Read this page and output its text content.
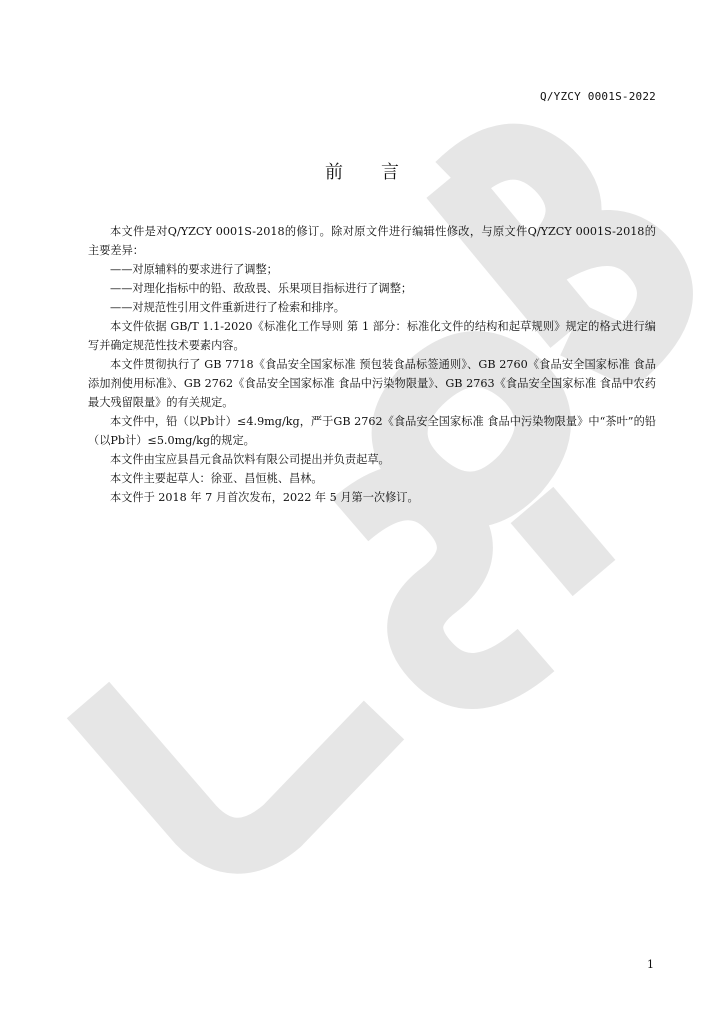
Q/YZCY 0001S-2022
前言

本文件是对Q/YZCY 0001S-2018的修订。除对原文件进行编辑性修改，与原文件Q/YZCY 0001S-2018的主要差异：

——对原辅料的要求进行了调整；

——对理化指标中的铅、敌敌畏、乐果项目指标进行了调整；

——对规范性引用文件重新进行了检索和排序。

本文件依据 GB/T 1.1-2020《标准化工作导则 第 1 部分：标准化文件的结构和起草规则》规定的格式进行编写并确定规范性技术要素内容。

本文件贯彻执行了 GB 7718《食品安全国家标准 预包装食品标签通则》、GB 2760《食品安全国家标准 食品添加剂使用标准》、GB 2762《食品安全国家标准 食品中污染物限量》、GB 2763《食品安全国家标准 食品中农药最大残留限量》的有关规定。

本文件中，铅（以Pb计）≤4.9mg/kg，严于GB 2762《食品安全国家标准 食品中污染物限量》中“茶叶”的铅（以Pb计）≤5.0mg/kg的规定。

本文件由宝应县昌元食品饮料有限公司提出并负责起草。

本文件主要起草人：徐亚、昌恒桃、昌林。

本文件于 2018 年 7 月首次发布，2022 年 5 月第一次修订。

1
